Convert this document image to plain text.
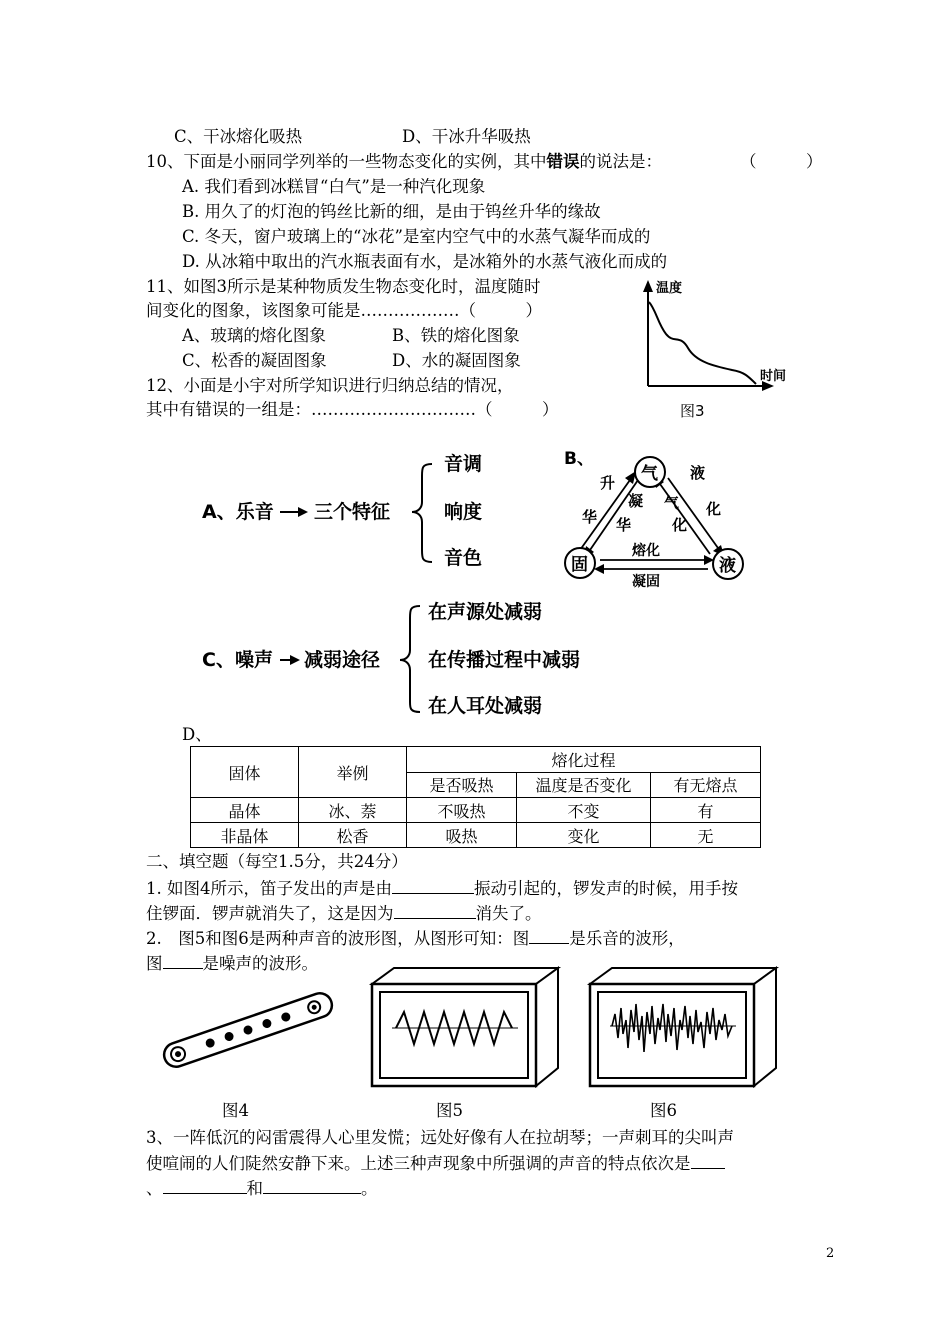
C、干冰熔化吸热	D、干冰升华吸热
10、下面是小丽同学列举的一些物态变化的实例，其中错误的说法是：	（　　　）
A. 我们看到冰糕冒“白气”是一种汽化现象
B. 用久了的灯泡的钨丝比新的细，是由于钨丝升华的缘故
C. 冬天，窗户玻璃上的“冰花”是室内空气中的水蒸气凝华而成的
D. 从冰箱中取出的汽水瓶表面有水，是冰箱外的水蒸气液化而成的
11、如图3所示是某种物质发生物态变化时，温度随时
间变化的图象，该图象可能是………………（　　　）
A、玻璃的熔化图象	B、铁的熔化图象
C、松香的凝固图象	D、水的凝固图象
温度
时间
图3
12、小面是小宇对所学知识进行归纳总结的情况，
其中有错误的一组是：…………………………（　　　）
A、乐音 三个特征
音调
响度
音色
B、
气
固	液
升
华
凝
华
液
化
气
化
熔化
凝固
C、噪声 减弱途径
在声源处减弱
在传播过程中减弱
在人耳处减弱
D、
固体	举例	熔化过程		
		是否吸热	温度是否变化	有无熔点
晶体	冰、萘	不吸热	不变	有
非晶体	松香	吸热	变化	无
二、填空题（每空1.5分，共24分）
1. 如图4所示，笛子发出的声是由	振动引起的，锣发声的时候，用手按
住锣面．锣声就消失了，这是因为	消失了。
2.　图5和图6是两种声音的波形图，从图形可知：图 是乐音的波形，
图 是噪声的波形。
图4	图5	图6
3、一阵低沉的闷雷震得人心里发慌；远处好像有人在拉胡琴；一声刺耳的尖叫声
使喧闹的人们陡然安静下来。上述三种声现象中所强调的声音的特点依次是
、	和	。
2
